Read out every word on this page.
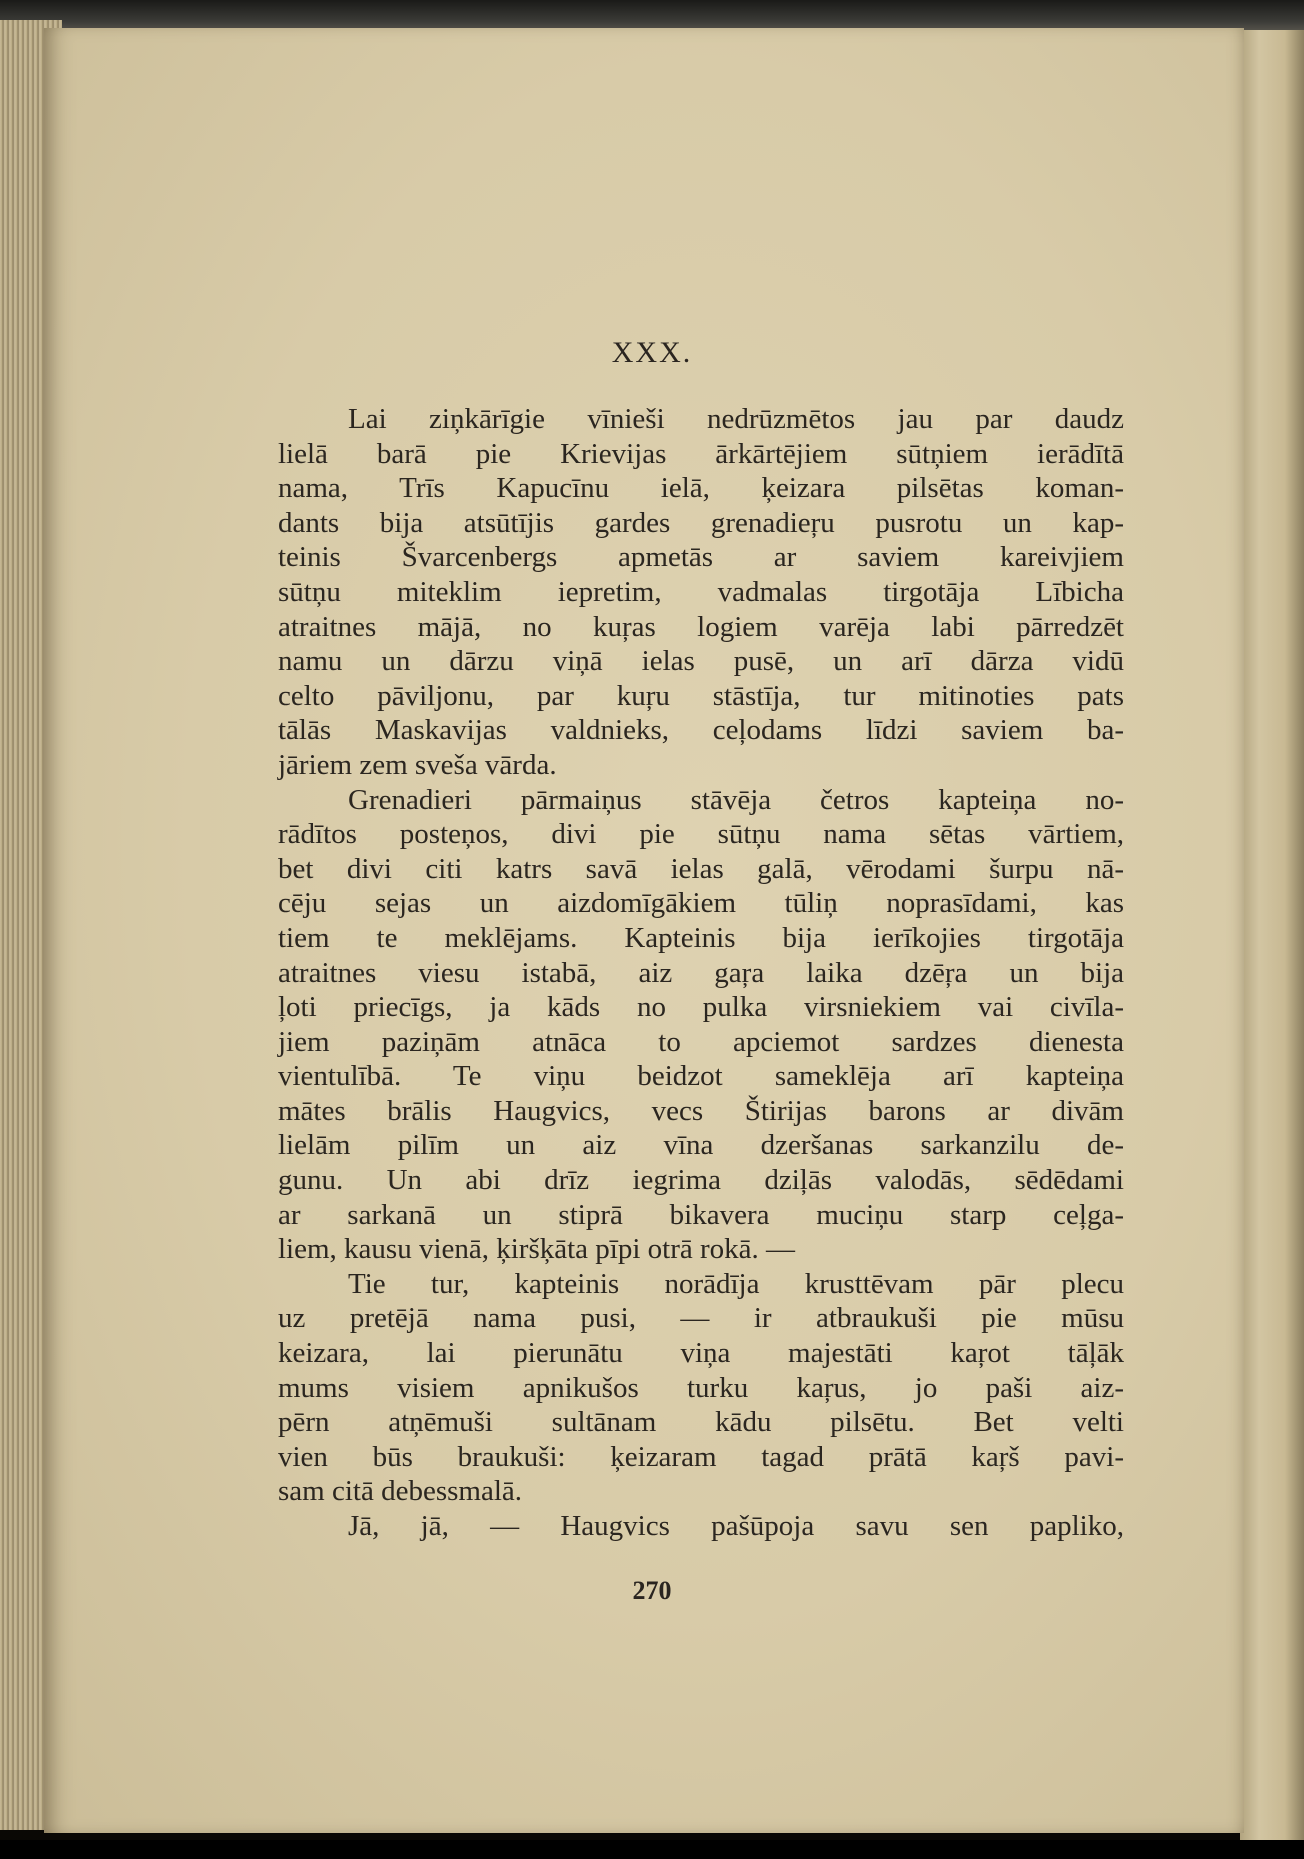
XXX.
Lai ziņkārīgie vīnieši nedrūzmētos jau par daudz
lielā barā pie Krievijas ārkārtējiem sūtņiem ierādītā
nama, Trīs Kapucīnu ielā, ķeizara pilsētas koman-
dants bija atsūtījis gardes grenadieŗu pusrotu un kap-
teinis Švarcenbergs apmetās ar saviem kareivjiem
sūtņu miteklim iepretim, vadmalas tirgotāja Lībicha
atraitnes mājā, no kuŗas logiem varēja labi pārredzēt
namu un dārzu viņā ielas pusē, un arī dārza vidū
celto pāviljonu, par kuŗu stāstīja, tur mitinoties pats
tālās Maskavijas valdnieks, ceļodams līdzi saviem ba-
jāriem zem sveša vārda.
Grenadieri pārmaiņus stāvēja četros kapteiņa no-
rādītos posteņos, divi pie sūtņu nama sētas vārtiem,
bet divi citi katrs savā ielas galā, vērodami šurpu nā-
cēju sejas un aizdomīgākiem tūliņ noprasīdami, kas
tiem te meklējams. Kapteinis bija ierīkojies tirgotāja
atraitnes viesu istabā, aiz gaŗa laika dzēŗa un bija
ļoti priecīgs, ja kāds no pulka virsniekiem vai civīla-
jiem paziņām atnāca to apciemot sardzes dienesta
vientulībā. Te viņu beidzot sameklēja arī kapteiņa
mātes brālis Haugvics, vecs Štirijas barons ar divām
lielām pilīm un aiz vīna dzeršanas sarkanzilu de-
gunu. Un abi drīz iegrima dziļās valodās, sēdēdami
ar sarkanā un stiprā bikavera muciņu starp ceļga-
liem, kausu vienā, ķiršķāta pīpi otrā rokā. —
Tie tur, kapteinis norādīja krusttēvam pār plecu
uz pretējā nama pusi, — ir atbraukuši pie mūsu
keizara, lai pierunātu viņa majestāti kaŗot tāļāk
mums visiem apnikušos turku kaŗus, jo paši aiz-
pērn atņēmuši sultānam kādu pilsētu. Bet velti
vien būs braukuši: ķeizaram tagad prātā kaŗš pavi-
sam citā debessmalā.
Jā, jā, — Haugvics pašūpoja savu sen papliko,
270
